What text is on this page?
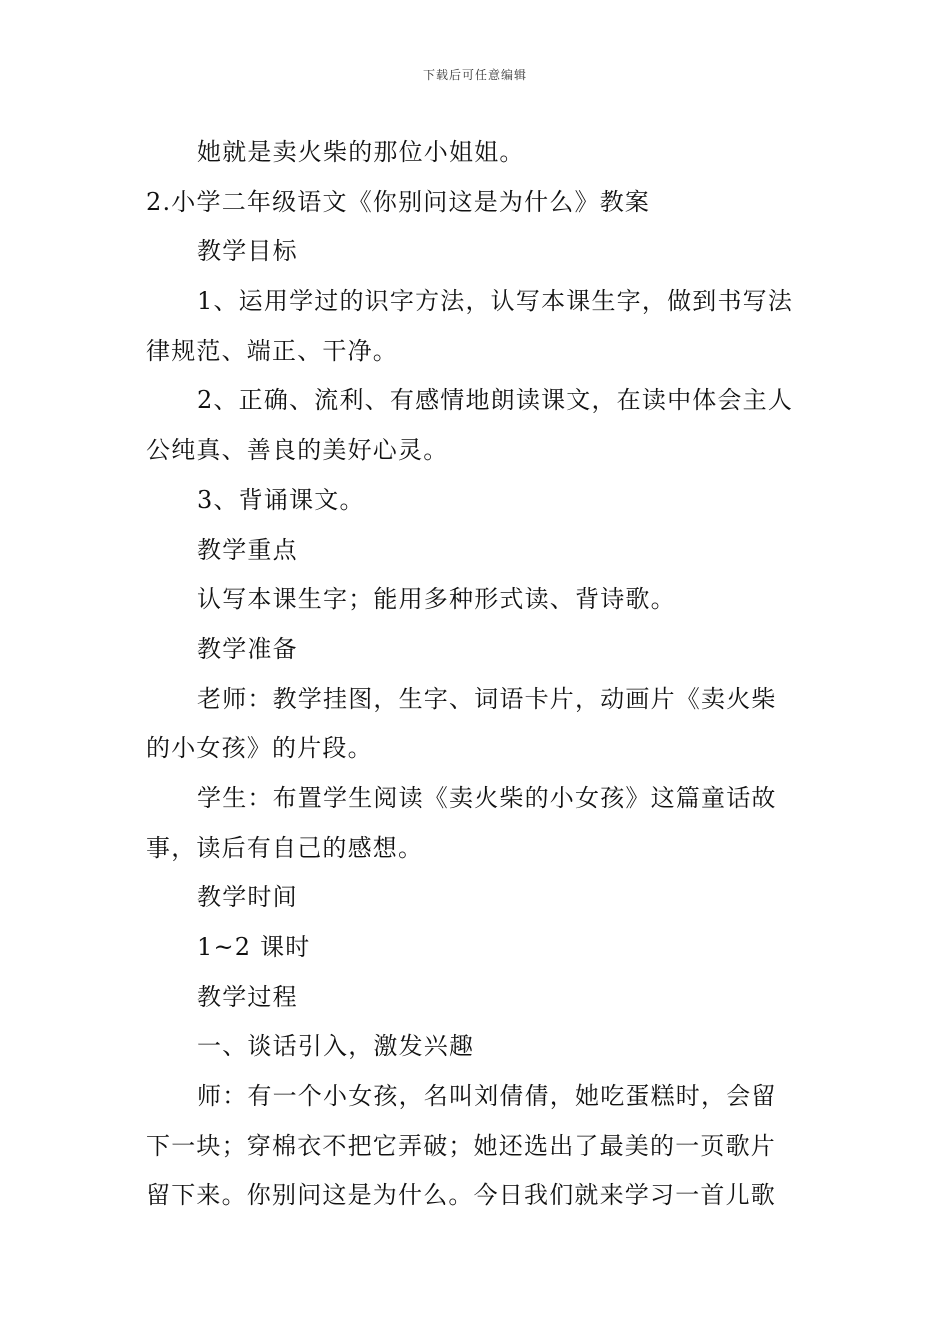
下载后可任意编辑
她就是卖火柴的那位小姐姐。
2.小学二年级语文《你别问这是为什么》教案
教学目标
1、运用学过的识字方法，认写本课生字，做到书写法
律规范、端正、干净。
2、正确、流利、有感情地朗读课文，在读中体会主人
公纯真、善良的美好心灵。
3、背诵课文。
教学重点
认写本课生字；能用多种形式读、背诗歌。
教学准备
老师：教学挂图，生字、词语卡片，动画片《卖火柴
的小女孩》的片段。
学生：布置学生阅读《卖火柴的小女孩》这篇童话故
事，读后有自己的感想。
教学时间
1~2 课时
教学过程
一、谈话引入，激发兴趣
师：有一个小女孩，名叫刘倩倩，她吃蛋糕时，会留
下一块；穿棉衣不把它弄破；她还选出了最美的一页歌片
留下来。你别问这是为什么。今日我们就来学习一首儿歌
